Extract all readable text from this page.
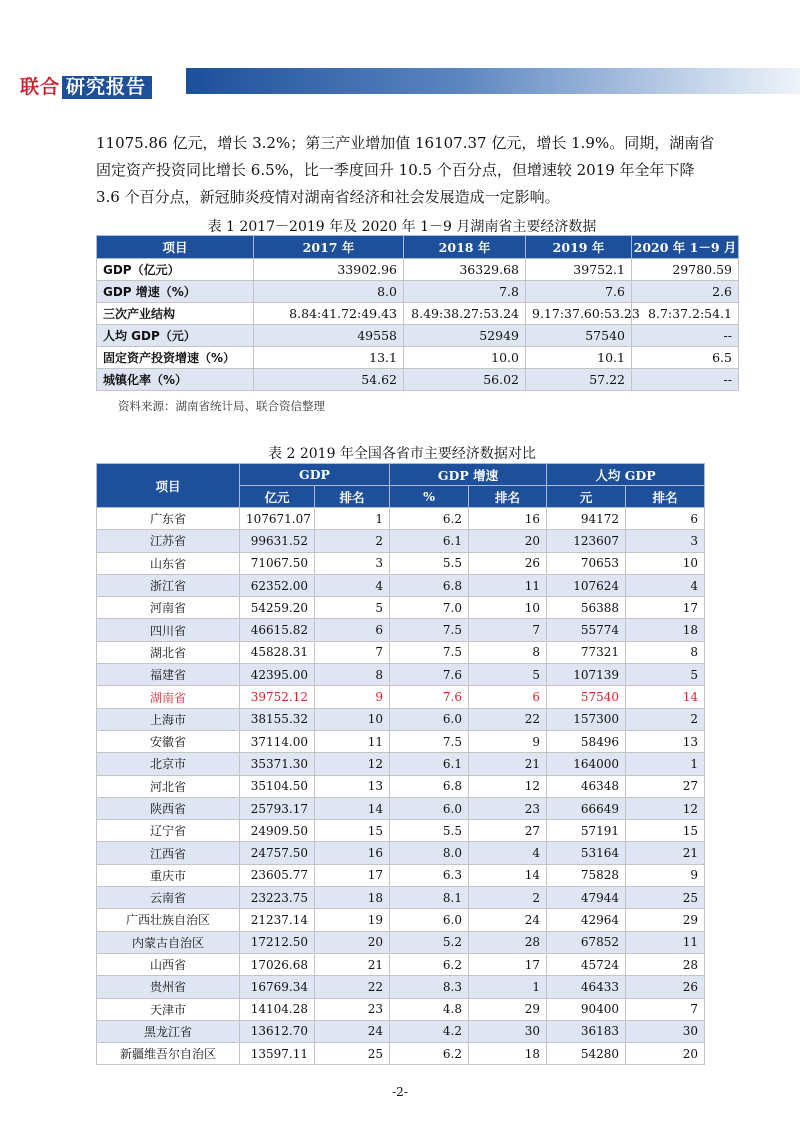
联合 研究报告

11075.86 亿元，增长 3.2%；第三产业增加值 16107.37 亿元，增长 1.9%。同期，湖南省

固定资产投资同比增长 6.5%，比一季度回升 10.5 个百分点，但增速较 2019 年全年下降

3.6 个百分点，新冠肺炎疫情对湖南省经济和社会发展造成一定影响。

表 1 2017－2019 年及 2020 年 1－9 月湖南省主要经济数据
项目	2017 年	2018 年	2019 年	2020 年 1－9 月
GDP（亿元）	33902.96	36329.68	39752.1	29780.59
GDP 增速（%）	8.0	7.8	7.6	2.6
三次产业结构	8.84:41.72:49.43	8.49:38.27:53.24	9.17:37.60:53.23	8.7:37.2:54.1
人均 GDP（元）	49558	52949	57540	--
固定资产投资增速（%）	13.1	10.0	10.1	6.5
城镇化率（%）	54.62	56.02	57.22	--
资料来源：湖南省统计局、联合资信整理
表 2 2019 年全国各省市主要经济数据对比
项目	GDP		GDP 增速		人均 GDP	
	亿元	排名	%	排名	元	排名
广东省	107671.07	1	6.2	16	94172	6
江苏省	99631.52	2	6.1	20	123607	3
山东省	71067.50	3	5.5	26	70653	10
浙江省	62352.00	4	6.8	11	107624	4
河南省	54259.20	5	7.0	10	56388	17
四川省	46615.82	6	7.5	7	55774	18
湖北省	45828.31	7	7.5	8	77321	8
福建省	42395.00	8	7.6	5	107139	5
湖南省	39752.12	9	7.6	6	57540	14
上海市	38155.32	10	6.0	22	157300	2
安徽省	37114.00	11	7.5	9	58496	13
北京市	35371.30	12	6.1	21	164000	1
河北省	35104.50	13	6.8	12	46348	27
陕西省	25793.17	14	6.0	23	66649	12
辽宁省	24909.50	15	5.5	27	57191	15
江西省	24757.50	16	8.0	4	53164	21
重庆市	23605.77	17	6.3	14	75828	9
云南省	23223.75	18	8.1	2	47944	25
广西壮族自治区	21237.14	19	6.0	24	42964	29
内蒙古自治区	17212.50	20	5.2	28	67852	11
山西省	17026.68	21	6.2	17	45724	28
贵州省	16769.34	22	8.3	1	46433	26
天津市	14104.28	23	4.8	29	90400	7
黑龙江省	13612.70	24	4.2	30	36183	30
新疆维吾尔自治区	13597.11	25	6.2	18	54280	20
-2-
